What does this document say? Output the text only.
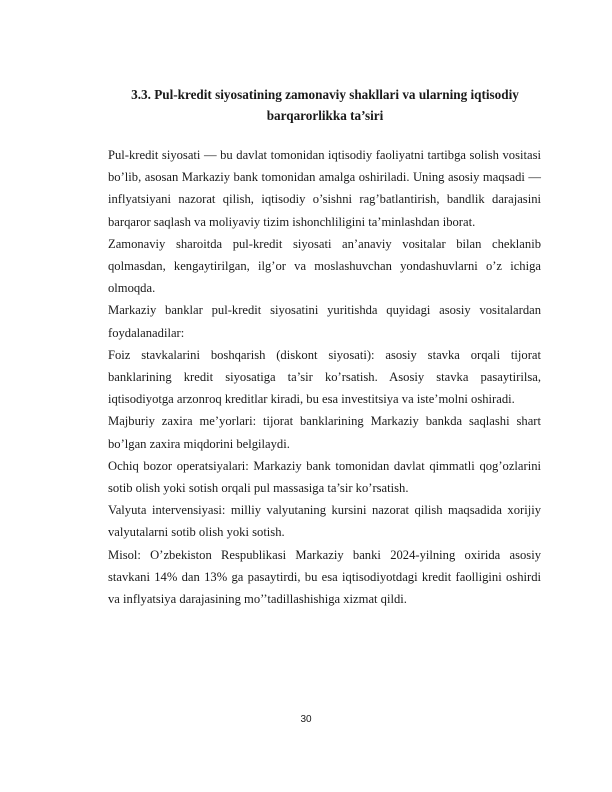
3.3. Pul-kredit siyosatining zamonaviy shakllari va ularning iqtisodiy
barqarorlikka ta’siri

Pul-kredit siyosati — bu davlat tomonidan iqtisodiy faoliyatni tartibga solish vositasi bo’lib, asosan Markaziy bank tomonidan amalga oshiriladi. Uning asosiy maqsadi — inflyatsiyani nazorat qilish, iqtisodiy o’sishni rag’batlantirish, bandlik darajasini barqaror saqlash va moliyaviy tizim ishonchliligini ta’minlashdan iborat.

Zamonaviy sharoitda pul-kredit siyosati an’anaviy vositalar bilan cheklanib qolmasdan, kengaytirilgan, ilg’or va moslashuvchan yondashuvlarni o’z ichiga olmoqda.

Markaziy banklar pul-kredit siyosatini yuritishda quyidagi asosiy vositalardan foydalanadilar:

Foiz stavkalarini boshqarish (diskont siyosati): asosiy stavka orqali tijorat banklarining kredit siyosatiga ta’sir ko’rsatish. Asosiy stavka pasaytirilsa, iqtisodiyotga arzonroq kreditlar kiradi, bu esa investitsiya va iste’molni oshiradi.

Majburiy zaxira me’yorlari: tijorat banklarining Markaziy bankda saqlashi shart bo’lgan zaxira miqdorini belgilaydi.

Ochiq bozor operatsiyalari: Markaziy bank tomonidan davlat qimmatli qog’ozlarini sotib olish yoki sotish orqali pul massasiga ta’sir ko’rsatish.

Valyuta intervensiyasi: milliy valyutaning kursini nazorat qilish maqsadida xorijiy valyutalarni sotib olish yoki sotish.

Misol: O’zbekiston Respublikasi Markaziy banki 2024-yilning oxirida asosiy stavkani 14% dan 13% ga pasaytirdi, bu esa iqtisodiyotdagi kredit faolligini oshirdi va inflyatsiya darajasining mo’’tadillashishiga xizmat qildi.

30
